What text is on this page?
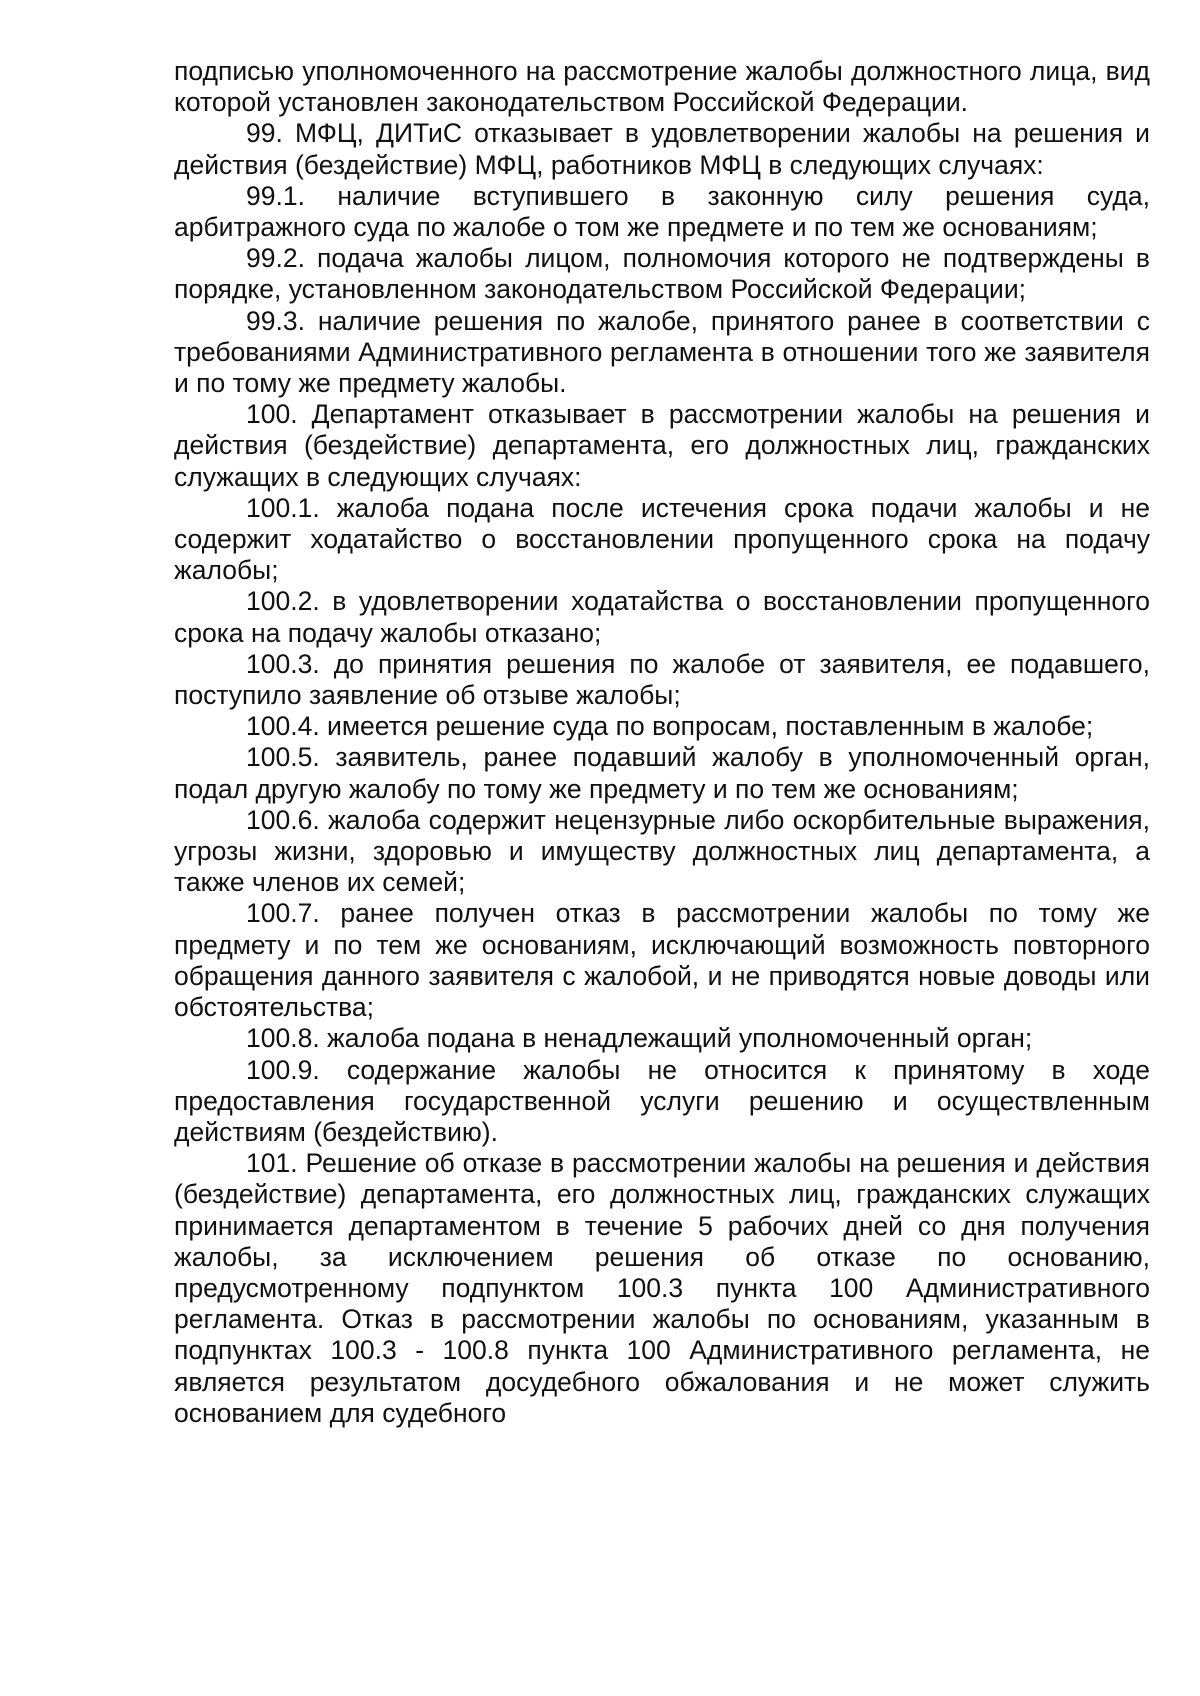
подписью уполномоченного на рассмотрение жалобы должностного лица, вид которой установлен законодательством Российской Федерации.

99. МФЦ, ДИТиС отказывает в удовлетворении жалобы на решения и действия (бездействие) МФЦ, работников МФЦ в следующих случаях:

99.1. наличие вступившего в законную силу решения суда, арбитражного суда по жалобе о том же предмете и по тем же основаниям;

99.2. подача жалобы лицом, полномочия которого не подтверждены в порядке, установленном законодательством Российской Федерации;

99.3. наличие решения по жалобе, принятого ранее в соответствии с требованиями Административного регламента в отношении того же заявителя и по тому же предмету жалобы.

100. Департамент отказывает в рассмотрении жалобы на решения и действия (бездействие) департамента, его должностных лиц, гражданских служащих в следующих случаях:

100.1. жалоба подана после истечения срока подачи жалобы и не содержит ходатайство о восстановлении пропущенного срока на подачу жалобы;

100.2. в удовлетворении ходатайства о восстановлении пропущенного срока на подачу жалобы отказано;

100.3. до принятия решения по жалобе от заявителя, ее подавшего, поступило заявление об отзыве жалобы;

100.4. имеется решение суда по вопросам, поставленным в жалобе;

100.5. заявитель, ранее подавший жалобу в уполномоченный орган, подал другую жалобу по тому же предмету и по тем же основаниям;

100.6. жалоба содержит нецензурные либо оскорбительные выражения, угрозы жизни, здоровью и имуществу должностных лиц департамента, а также членов их семей;

100.7. ранее получен отказ в рассмотрении жалобы по тому же предмету и по тем же основаниям, исключающий возможность повторного обращения данного заявителя с жалобой, и не приводятся новые доводы или обстоятельства;

100.8. жалоба подана в ненадлежащий уполномоченный орган;

100.9. содержание жалобы не относится к принятому в ходе предоставления государственной услуги решению и осуществленным действиям (бездействию).

101. Решение об отказе в рассмотрении жалобы на решения и действия (бездействие) департамента, его должностных лиц, гражданских служащих принимается департаментом в течение 5 рабочих дней со дня получения жалобы, за исключением решения об отказе по основанию, предусмотренному подпунктом 100.3 пункта 100 Административного регламента. Отказ в рассмотрении жалобы по основаниям, указанным в подпунктах 100.3 - 100.8 пункта 100 Административного регламента, не является результатом досудебного обжалования и не может служить основанием для судебного
